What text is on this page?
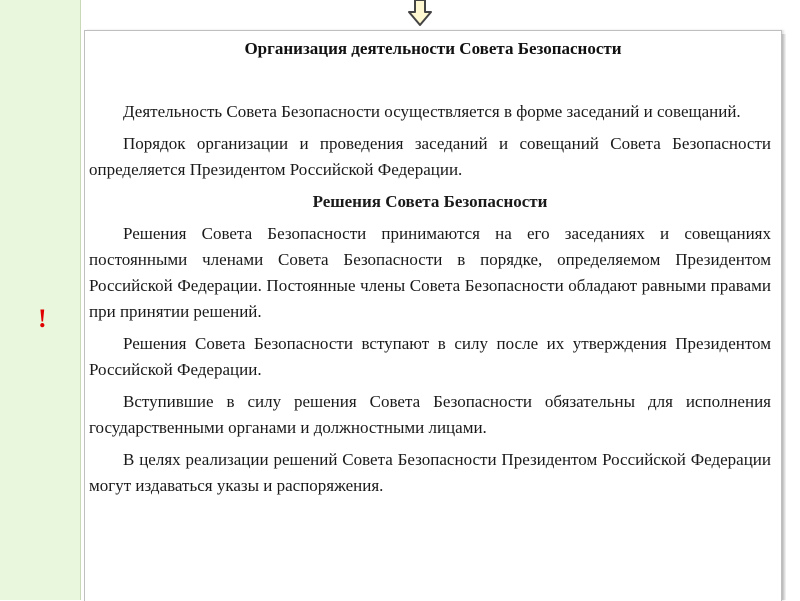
!
Организация деятельности Совета Безопасности

Деятельность Совета Безопасности осуществляется в форме заседаний и совещаний.

Порядок организации и проведения заседаний и совещаний Совета Безопасности определяется Президентом Российской Федерации.

Решения Совета Безопасности

Решения Совета Безопасности принимаются на его заседаниях и совещаниях постоянными членами Совета Безопасности в порядке, определяемом Президентом Российской Федерации. Постоянные члены Совета Безопасности обладают равными правами при принятии решений.

Решения Совета Безопасности вступают в силу после их утверждения Президентом Российской Федерации.

Вступившие в силу решения Совета Безопасности обязательны для исполнения государственными органами и должностными лицами.

В целях реализации решений Совета Безопасности Президентом Российской Федерации могут издаваться указы и распоряжения.
